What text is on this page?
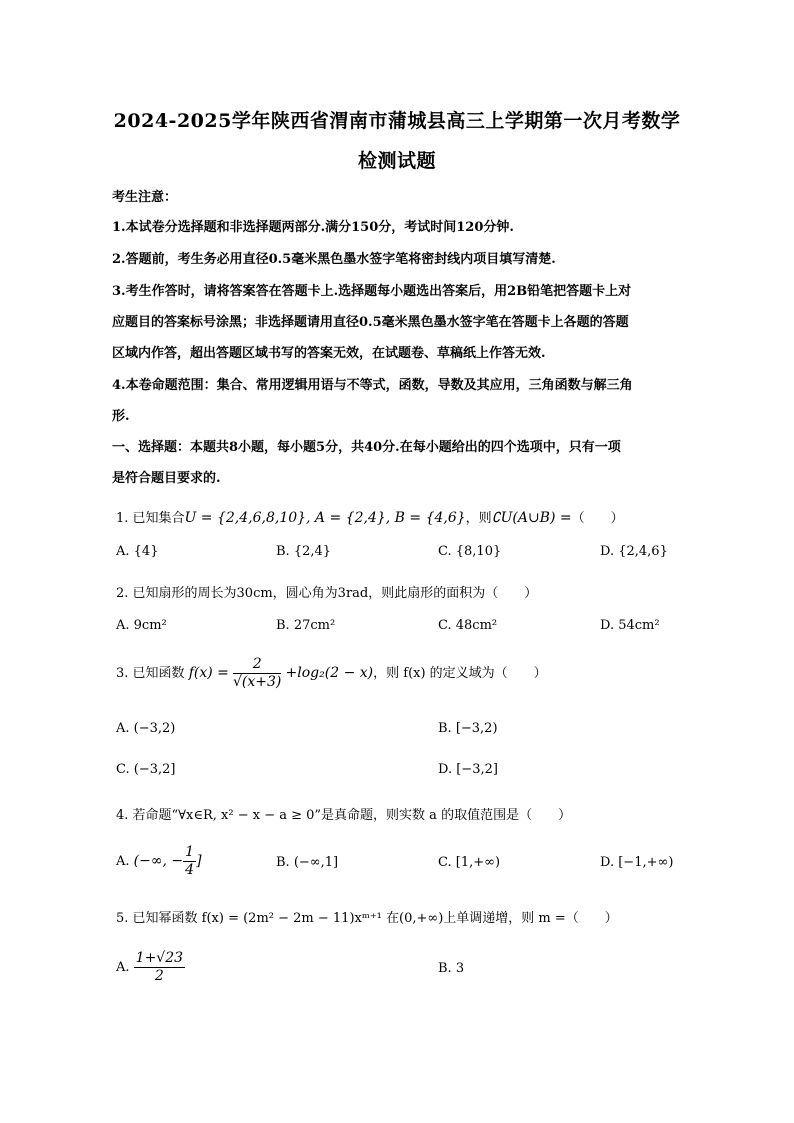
2024-2025学年陕西省渭南市蒲城县高三上学期第一次月考数学
检测试题
考生注意：
1.本试卷分选择题和非选择题两部分.满分150分，考试时间120分钟.
2.答题前，考生务必用直径0.5毫米黑色墨水签字笔将密封线内项目填写清楚.
3.考生作答时，请将答案答在答题卡上.选择题每小题选出答案后，用2B铅笔把答题卡上对
应题目的答案标号涂黑；非选择题请用直径0.5毫米黑色墨水签字笔在答题卡上各题的答题
区域内作答，超出答题区域书写的答案无效，在试题卷、草稿纸上作答无效.
4.本卷命题范围：集合、常用逻辑用语与不等式，函数，导数及其应用，三角函数与解三角
形.
一、选择题：本题共8小题，每小题5分，共40分.在每小题给出的四个选项中，只有一项
是符合题目要求的.
1. 已知集合U = {2,4,6,8,10}, A = {2,4}, B = {4,6}，则∁U(A∪B) =（　　）
A. {4}	B. {2,4}	C. {8,10}	D. {2,4,6}
2. 已知扇形的周长为30cm，圆心角为3rad，则此扇形的面积为（　　）
A. 9cm²	B. 27cm²	C. 48cm²	D. 54cm²
3. 已知函数 $f(x) = \frac{2}{√(x+3)} +\log_2(2 - x)$，则 f(x) 的定义域为（　　）
A. (−3,2)	B. [−3,2)
C. (−3,2]	D. [−3,2]
4. 若命题“∀x∈R, x² − x − a ≥ 0”是真命题，则实数 a 的取值范围是（　　）
A. (−∞, − $\frac{1}{4}$ ]	B. (−∞,1]	C. [1,+∞)	D. [−1,+∞)
5. 已知幂函数 f(x) = (2m² − 2m − 11)xᵐ⁺¹ 在(0,+∞)上单调递增，则 m =（　　）
A. $\frac{1+√23}{2}$	B. 3
